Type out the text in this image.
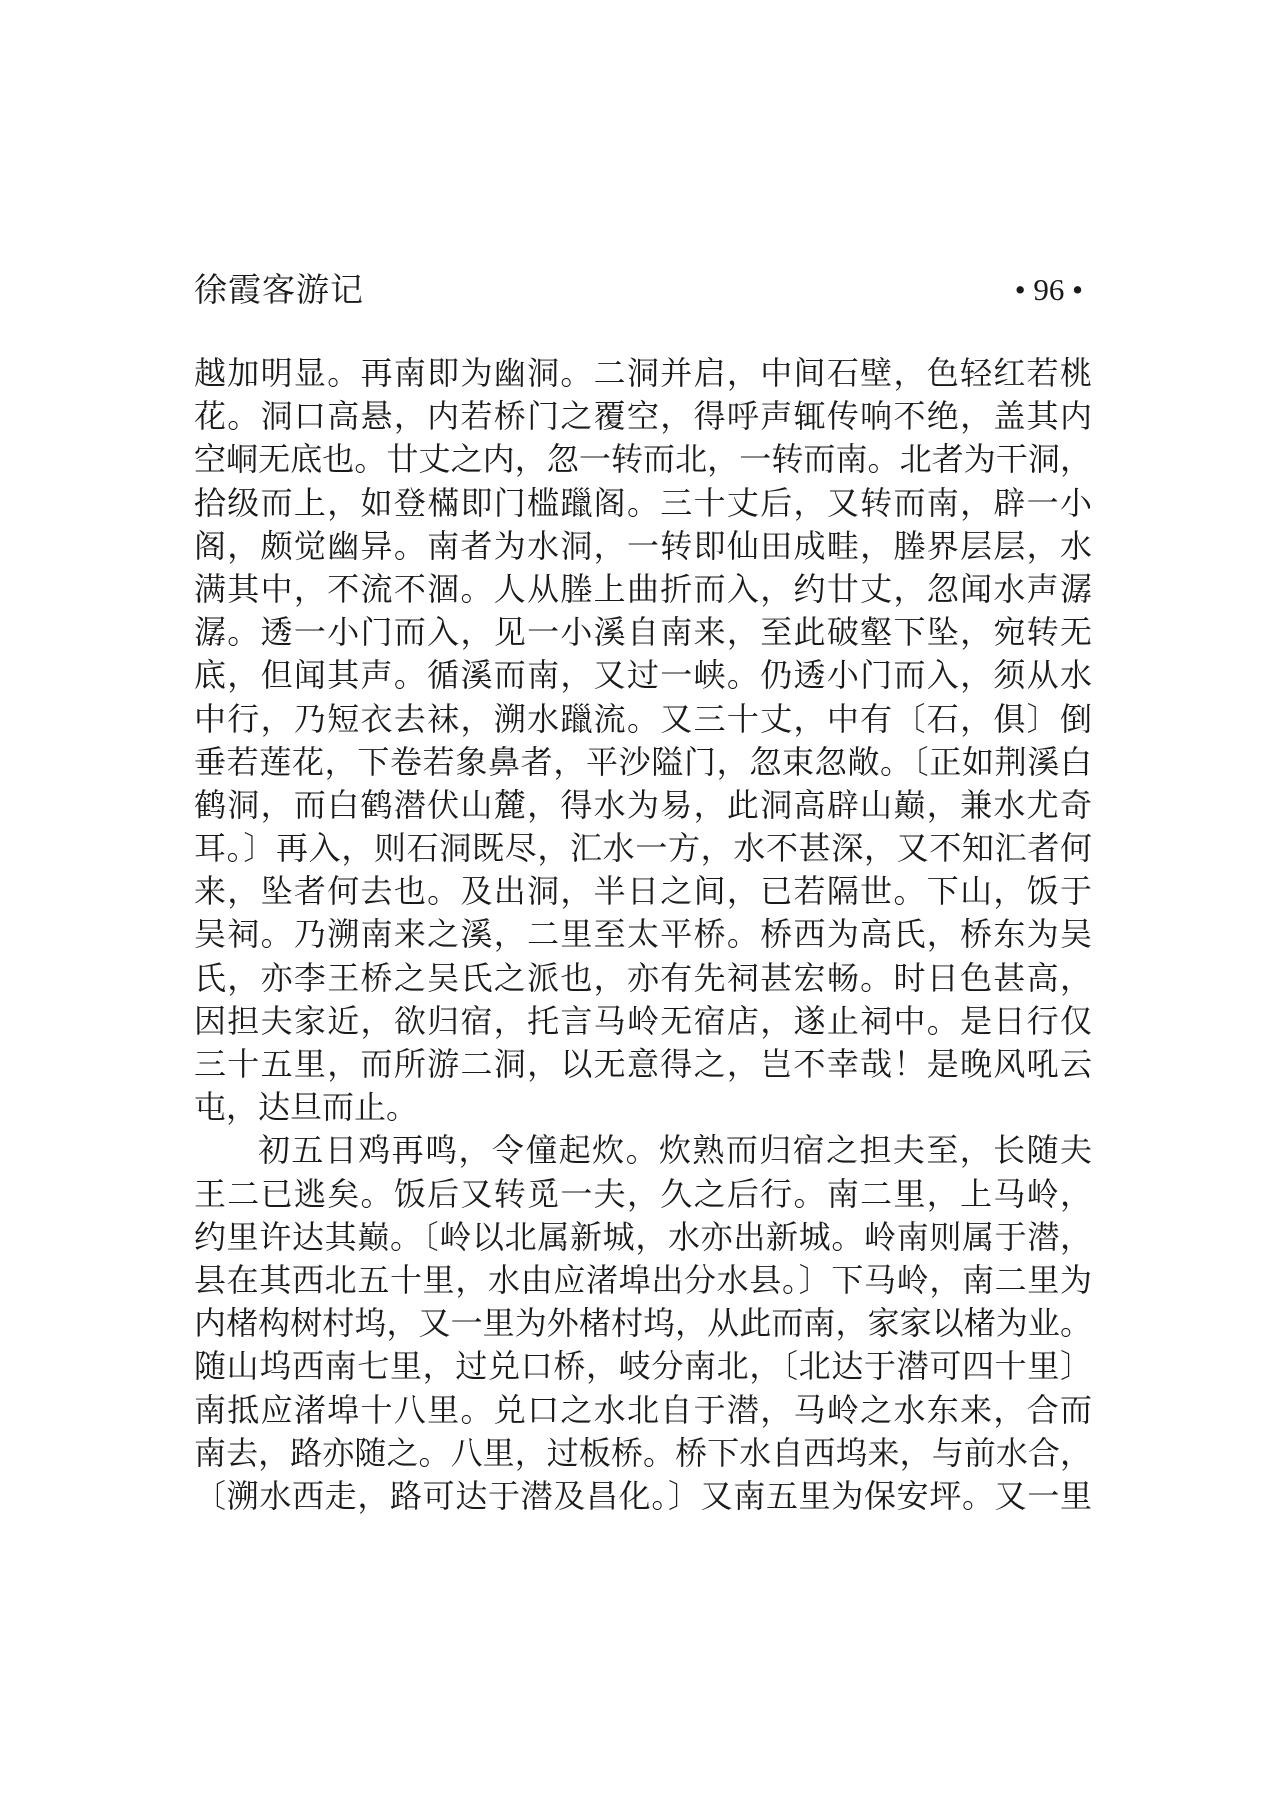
徐霞客游记	• 96 •
越加明显。再南即为幽洞。二洞并启，中间石壁，色轻红若桃
花。洞口高悬，内若桥门之覆空，得呼声辄传响不绝，盖其内
空峒无底也。廿丈之内，忽一转而北，一转而南。北者为干洞，
拾级而上，如登樠即门槛躐阁。三十丈后，又转而南，辟一小
阁，颇觉幽异。南者为水洞，一转即仙田成畦，塍界层层，水
满其中，不流不涸。人从塍上曲折而入，约廿丈，忽闻水声潺
潺。透一小门而入，见一小溪自南来，至此破壑下坠，宛转无
底，但闻其声。循溪而南，又过一峡。仍透小门而入，须从水
中行，乃短衣去袜，溯水躐流。又三十丈，中有〔石，俱〕倒
垂若莲花，下卷若象鼻者，平沙隘门，忽束忽敞。〔正如荆溪白
鹤洞，而白鹤潜伏山麓，得水为易，此洞高辟山巅，兼水尤奇
耳。〕再入，则石洞既尽，汇水一方，水不甚深，又不知汇者何
来，坠者何去也。及出洞，半日之间，已若隔世。下山，饭于
吴祠。乃溯南来之溪，二里至太平桥。桥西为高氏，桥东为吴
氏，亦李王桥之吴氏之派也，亦有先祠甚宏畅。时日色甚高，
因担夫家近，欲归宿，托言马岭无宿店，遂止祠中。是日行仅
三十五里，而所游二洞，以无意得之，岂不幸哉！是晚风吼云
屯，达旦而止。
初五日鸡再鸣，令僮起炊。炊熟而归宿之担夫至，长随夫
王二已逃矣。饭后又转觅一夫，久之后行。南二里，上马岭，
约里许达其巅。〔岭以北属新城，水亦出新城。岭南则属于潜，
县在其西北五十里，水由应渚埠出分水县。〕下马岭，南二里为
内楮构树村坞，又一里为外楮村坞，从此而南，家家以楮为业。
随山坞西南七里，过兑口桥，岐分南北，〔北达于潜可四十里〕
南抵应渚埠十八里。兑口之水北自于潜，马岭之水东来，合而
南去，路亦随之。八里，过板桥。桥下水自西坞来，与前水合，
〔溯水西走，路可达于潜及昌化。〕又南五里为保安坪。又一里
